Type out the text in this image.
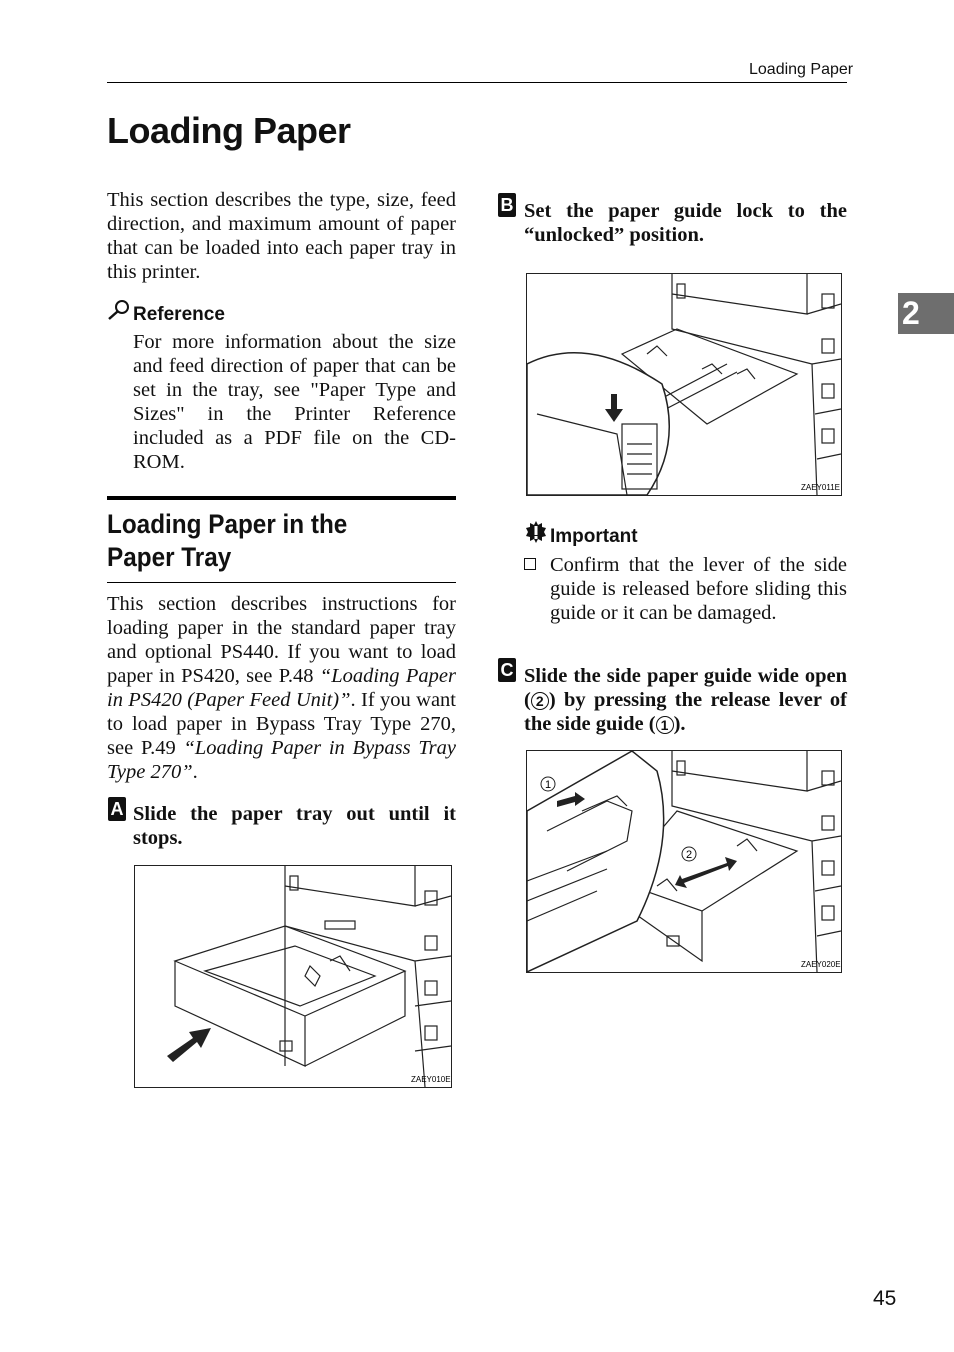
Loading Paper
Loading Paper
2
This section describes the type, size, feed direction, and maximum amount of paper that can be loaded into each paper tray in this printer.
Reference
For more information about the size and feed direction of paper that can be set in the tray, see "Paper Type and Sizes" in the Printer Reference included as a PDF file on the CD-ROM.
Loading Paper in the Paper Tray
This section describes instructions for loading paper in the standard paper tray and optional PS440. If you want to load paper in PS420, see P.48 “Loading Paper in PS420 (Paper Feed Unit)”. If you want to load paper in Bypass Tray Type 270, see P.49 “Loading Paper in Bypass Tray Type 270”.
A Slide the paper tray out until it stops.
ZAEY010E
B Set the paper guide lock to the “unlocked” position.
ZAEY011E
Important
Confirm that the lever of the side guide is released before sliding this guide or it can be damaged.
C Slide the side paper guide wide open ( 2 ) by pressing the release lever of the side guide ( 1 ).
1
2
ZAEY020E
45
